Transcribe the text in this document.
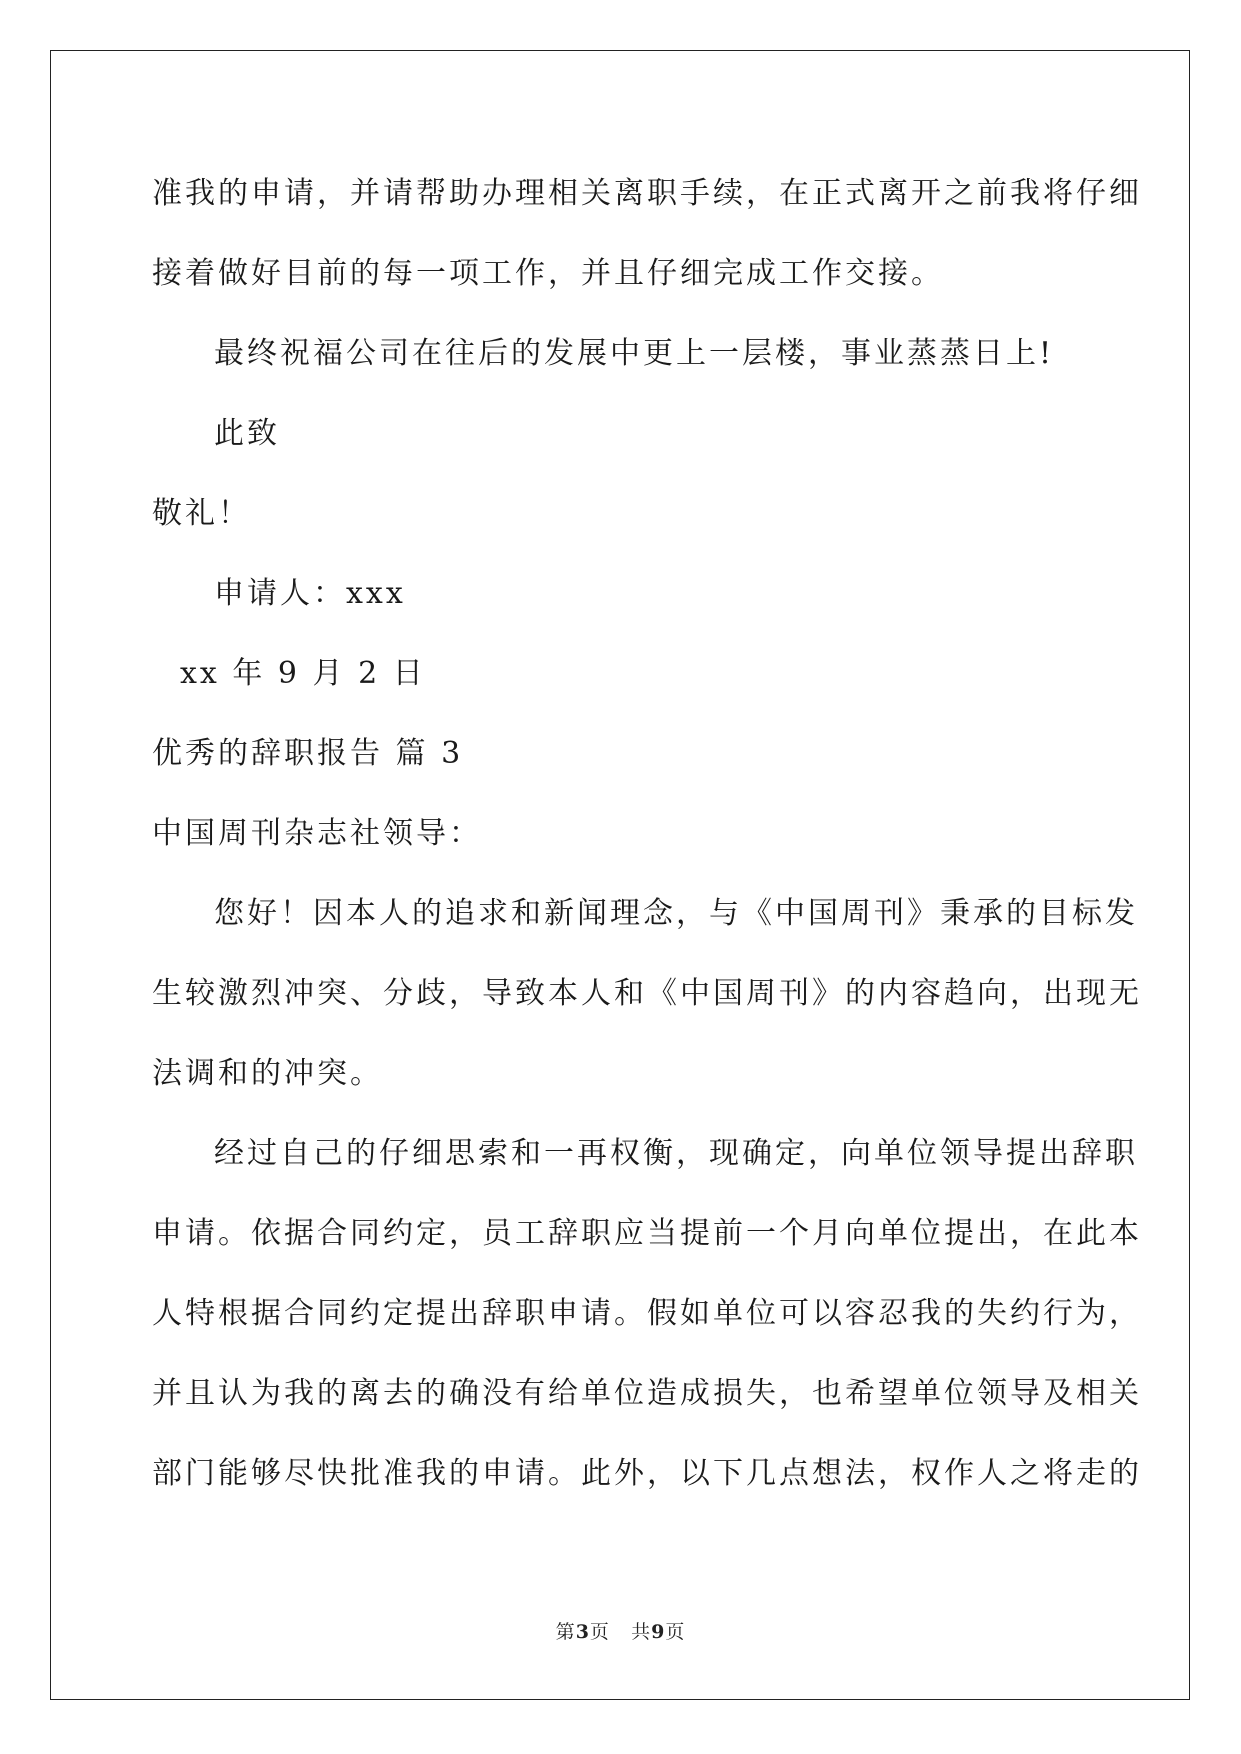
准我的申请，并请帮助办理相关离职手续，在正式离开之前我将仔细
接着做好目前的每一项工作，并且仔细完成工作交接。
最终祝福公司在往后的发展中更上一层楼，事业蒸蒸日上!
此致
敬礼！
申请人：xxx
xx 年 9 月 2 日
优秀的辞职报告 篇 3
中国周刊杂志社领导：
您好！因本人的追求和新闻理念，与《中国周刊》秉承的目标发
生较激烈冲突、分歧，导致本人和《中国周刊》的内容趋向，出现无
法调和的冲突。
经过自己的仔细思索和一再权衡，现确定，向单位领导提出辞职
申请。依据合同约定，员工辞职应当提前一个月向单位提出，在此本
人特根据合同约定提出辞职申请。假如单位可以容忍我的失约行为，
并且认为我的离去的确没有给单位造成损失，也希望单位领导及相关
部门能够尽快批准我的申请。此外，以下几点想法，权作人之将走的
第3页 共9页
